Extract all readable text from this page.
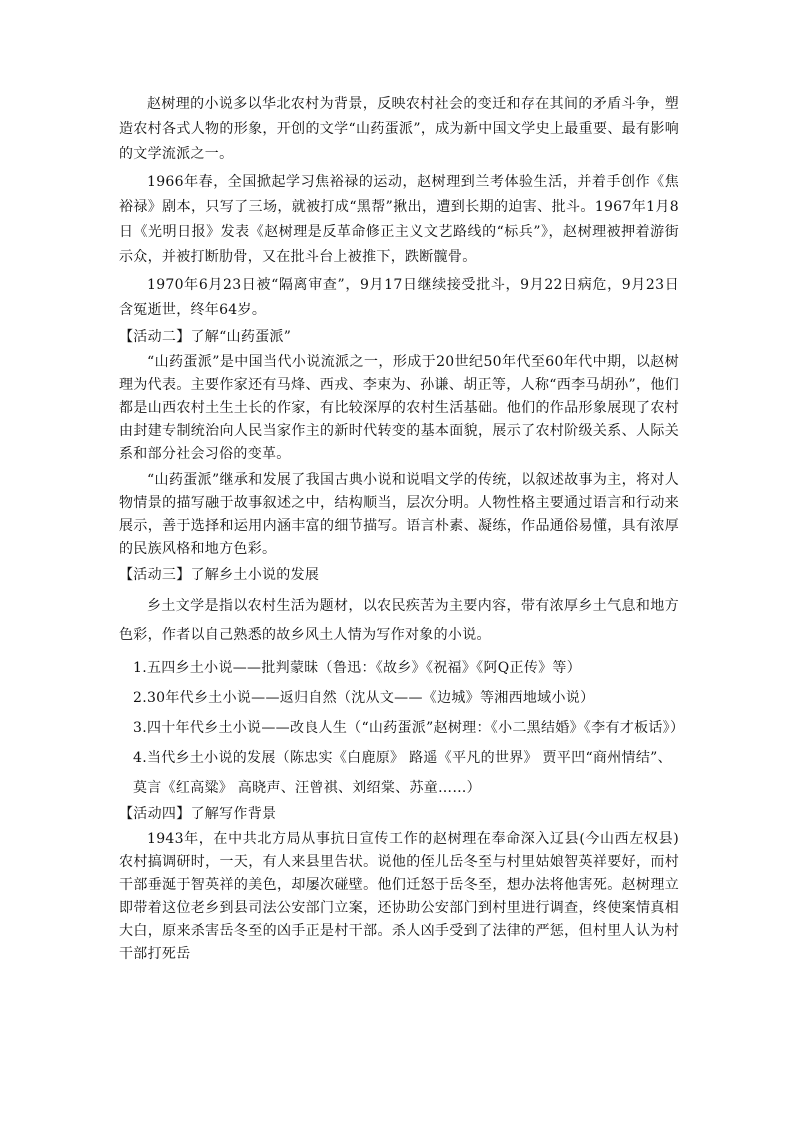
赵树理的小说多以华北农村为背景，反映农村社会的变迁和存在其间的矛盾斗争，塑造农村各式人物的形象，开创的文学“山药蛋派”，成为新中国文学史上最重要、最有影响的文学流派之一。

1966年春，全国掀起学习焦裕禄的运动，赵树理到兰考体验生活，并着手创作《焦裕禄》剧本，只写了三场，就被打成“黑帮”揪出，遭到长期的迫害、批斗。1967年1月8日《光明日报》发表《赵树理是反革命修正主义文艺路线的“标兵”》，赵树理被押着游街示众，并被打断肋骨，又在批斗台上被推下，跌断髋骨。

1970年6月23日被“隔离审查”，9月17日继续接受批斗，9月22日病危，9月23日含冤逝世，终年64岁。

【活动二】了解“山药蛋派”

“山药蛋派”是中国当代小说流派之一，形成于20世纪50年代至60年代中期，以赵树理为代表。主要作家还有马烽、西戎、李束为、孙谦、胡正等，人称“西李马胡孙”，他们都是山西农村土生土长的作家，有比较深厚的农村生活基础。他们的作品形象展现了农村由封建专制统治向人民当家作主的新时代转变的基本面貌，展示了农村阶级关系、人际关系和部分社会习俗的变革。

“山药蛋派”继承和发展了我国古典小说和说唱文学的传统，以叙述故事为主，将对人物情景的描写融于故事叙述之中，结构顺当，层次分明。人物性格主要通过语言和行动来展示，善于选择和运用内涵丰富的细节描写。语言朴素、凝练，作品通俗易懂，具有浓厚的民族风格和地方色彩。

【活动三】了解乡土小说的发展

乡土文学是指以农村生活为题材，以农民疾苦为主要内容，带有浓厚乡土气息和地方色彩，作者以自己熟悉的故乡风土人情为写作对象的小说。

1.五四乡土小说——批判蒙昧（鲁迅：《故乡》《祝福》《阿Q正传》等）

2.30年代乡土小说——返归自然（沈从文——《边城》等湘西地域小说）

3.四十年代乡土小说——改良人生（“山药蛋派”赵树理：《小二黑结婚》《李有才板话》）

4.当代乡土小说的发展（陈忠实《白鹿原》 路遥《平凡的世界》 贾平凹“商州情结”、莫言《红高粱》 高晓声、汪曾祺、刘绍棠、苏童……）

【活动四】了解写作背景

1943年，在中共北方局从事抗日宣传工作的赵树理在奉命深入辽县(今山西左权县)农村搞调研时，一天，有人来县里告状。说他的侄儿岳冬至与村里姑娘智英祥要好，而村干部垂涎于智英祥的美色，却屡次碰壁。他们迁怒于岳冬至，想办法将他害死。赵树理立即带着这位老乡到县司法公安部门立案，还协助公安部门到村里进行调查，终使案情真相大白，原来杀害岳冬至的凶手正是村干部。杀人凶手受到了法律的严惩，但村里人认为村干部打死岳
